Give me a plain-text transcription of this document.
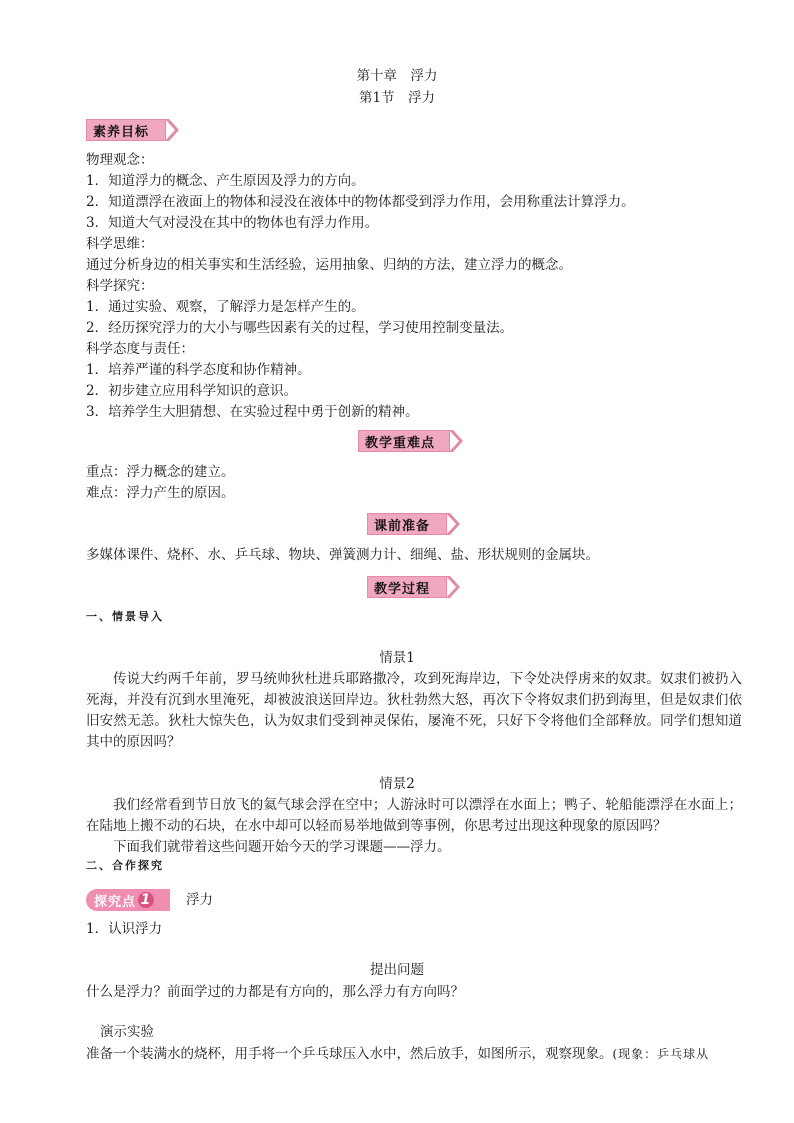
第十章　浮力
第1节　浮力
素养目标
物理观念：
1．知道浮力的概念、产生原因及浮力的方向。
2．知道漂浮在液面上的物体和浸没在液体中的物体都受到浮力作用，会用称重法计算浮力。
3．知道大气对浸没在其中的物体也有浮力作用。
科学思维：
通过分析身边的相关事实和生活经验，运用抽象、归纳的方法，建立浮力的概念。
科学探究：
1．通过实验、观察，了解浮力是怎样产生的。
2．经历探究浮力的大小与哪些因素有关的过程，学习使用控制变量法。
科学态度与责任：
1．培养严谨的科学态度和协作精神。
2．初步建立应用科学知识的意识。
3．培养学生大胆猜想、在实验过程中勇于创新的精神。
教学重难点
重点：浮力概念的建立。
难点：浮力产生的原因。
课前准备
多媒体课件、烧杯、水、乒乓球、物块、弹簧测力计、细绳、盐、形状规则的金属块。
教学过程
一、情景导入
情景1
传说大约两千年前，罗马统帅狄杜进兵耶路撒冷，攻到死海岸边，下令处决俘虏来的奴隶。奴隶们被扔入死海，并没有沉到水里淹死，却被波浪送回岸边。狄杜勃然大怒，再次下令将奴隶们扔到海里，但是奴隶们依旧安然无恙。狄杜大惊失色，认为奴隶们受到神灵保佑，屡淹不死，只好下令将他们全部释放。同学们想知道其中的原因吗？
情景2
我们经常看到节日放飞的氦气球会浮在空中；人游泳时可以漂浮在水面上；鸭子、轮船能漂浮在水面上；在陆地上搬不动的石块，在水中却可以轻而易举地做到等事例，你思考过出现这种现象的原因吗？
下面我们就带着这些问题开始今天的学习课题——浮力。
二、合作探究
探究点 1	浮力
1．认识浮力
提出问题
什么是浮力？前面学过的力都是有方向的，那么浮力有方向吗？
演示实验
准备一个装满水的烧杯，用手将一个乒乓球压入水中，然后放手，如图所示，观察现象。(现象：乒乓球从
